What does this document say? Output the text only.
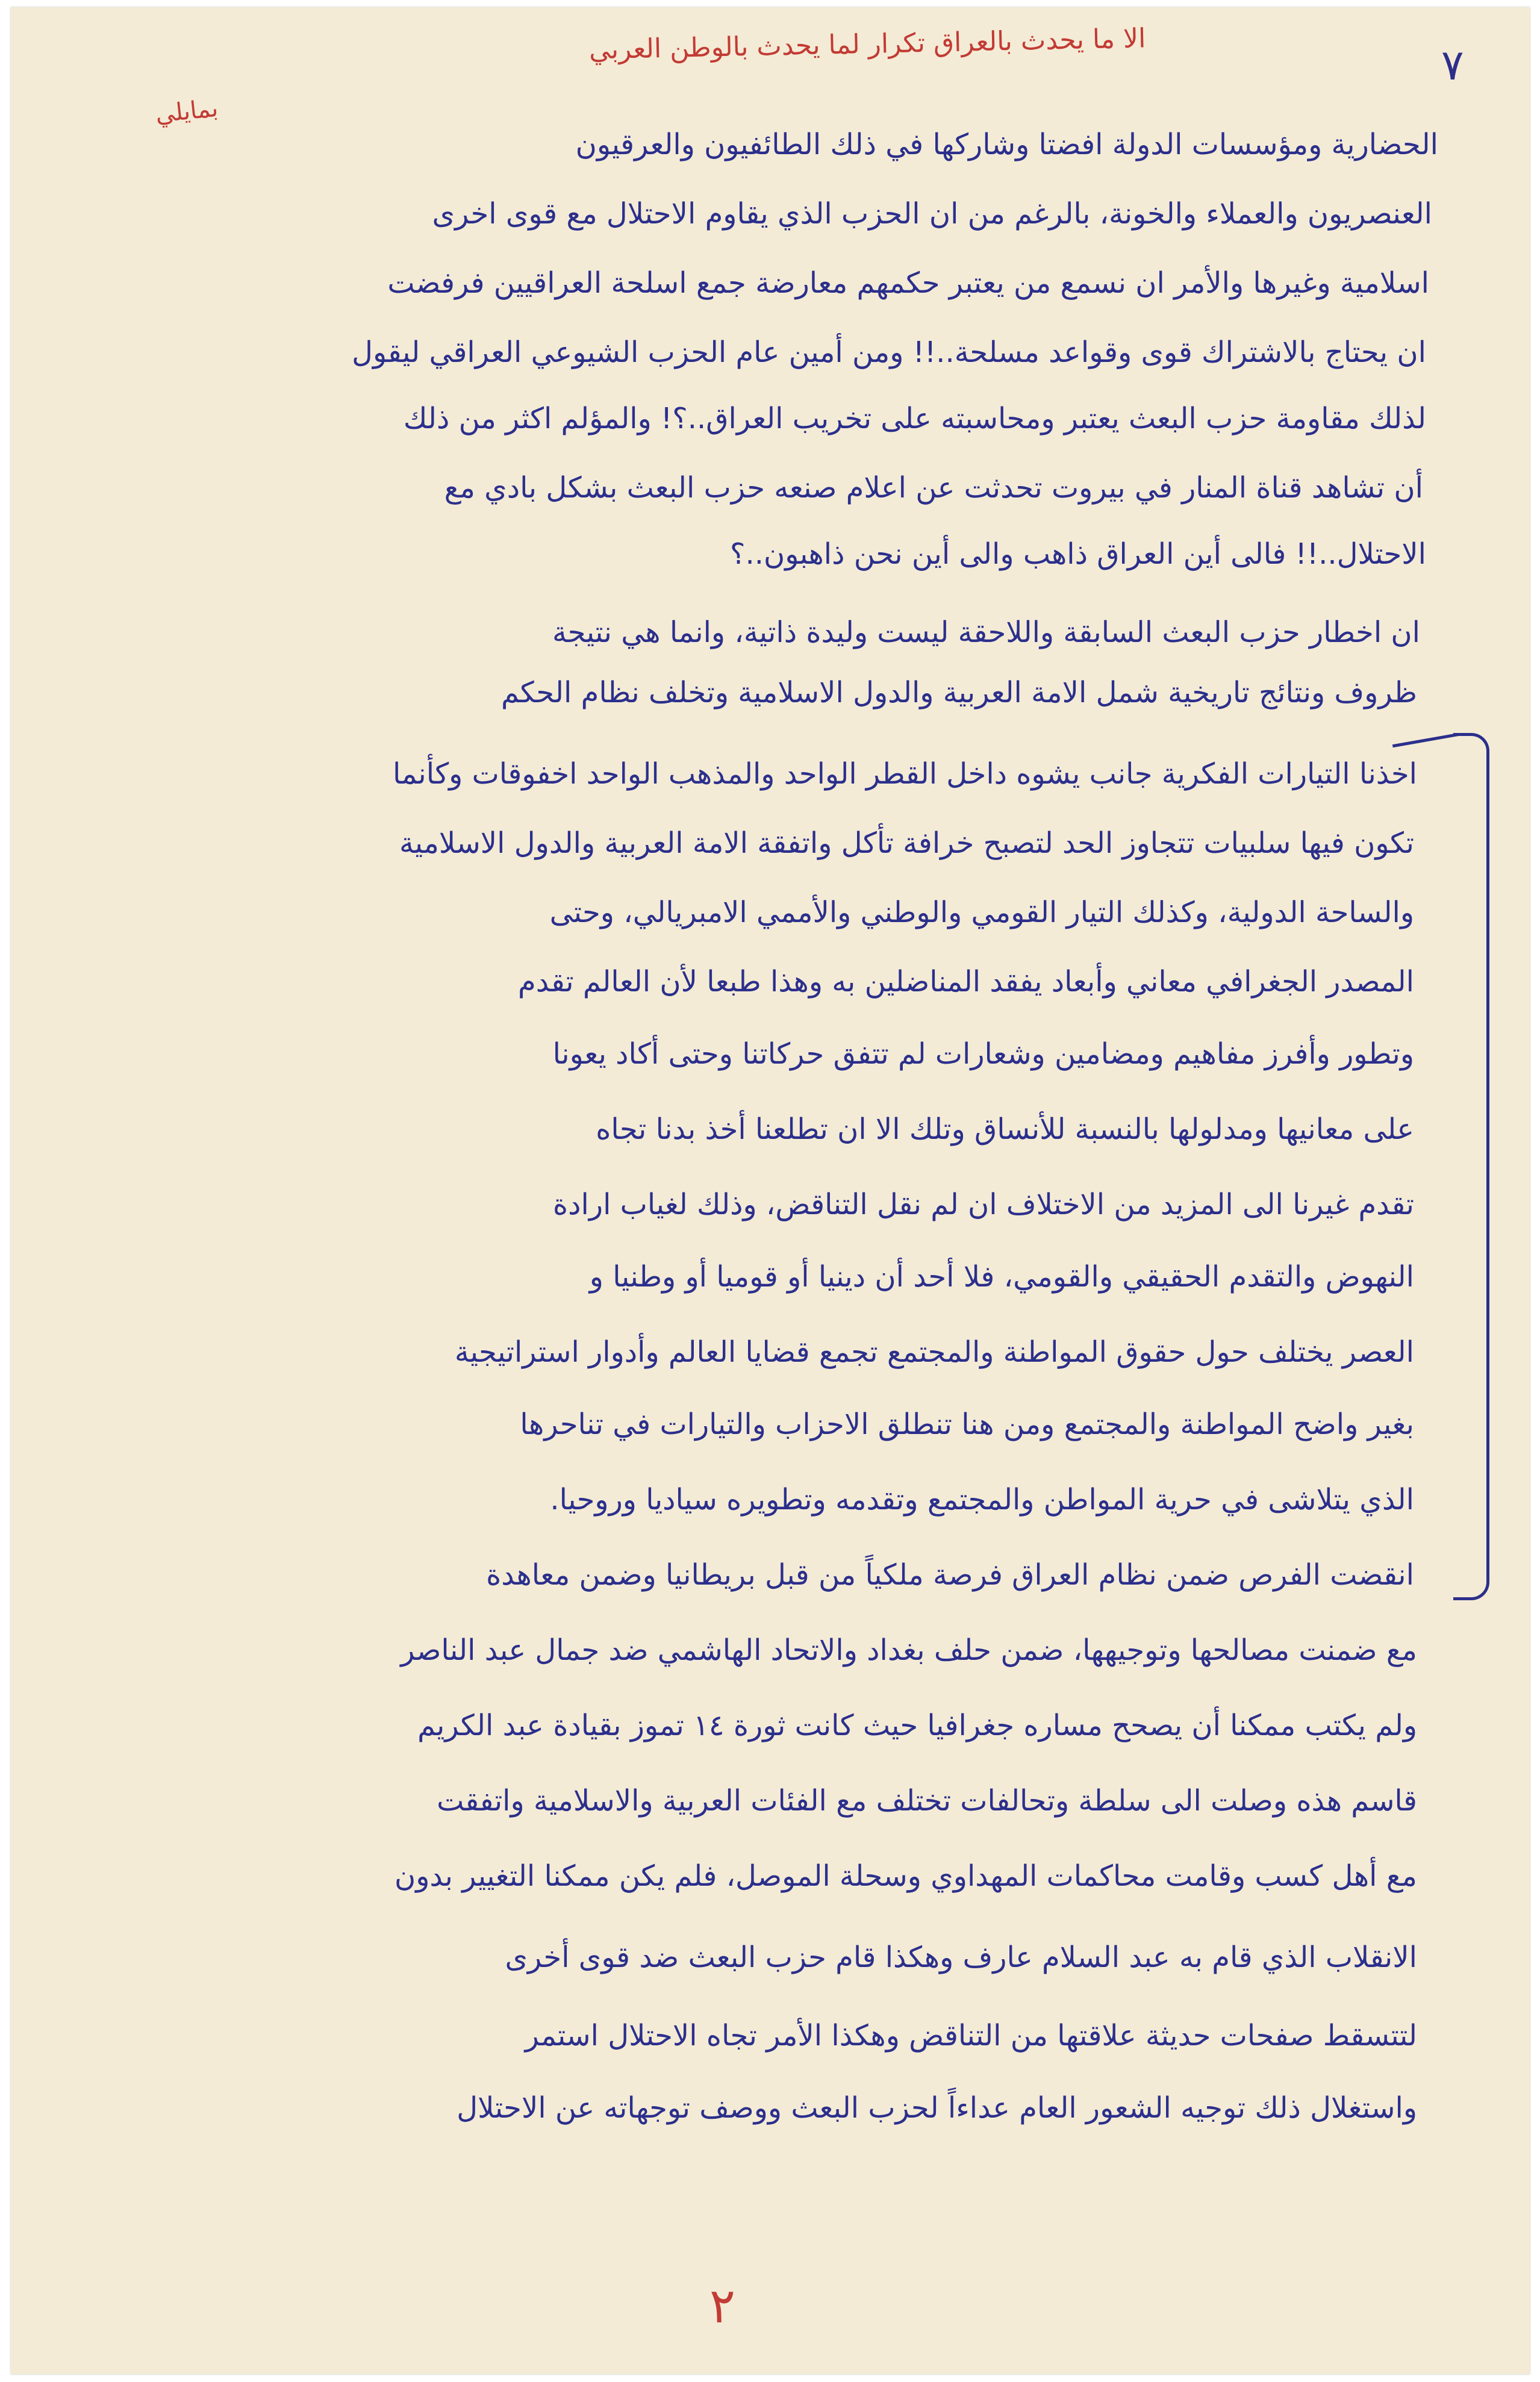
الا ما يحدث بالعراق تكرار لما يحدث بالوطن العربي
بمايلي
٧
الحضارية ومؤسسات الدولة افضتا وشاركها في ذلك الطائفيون والعرقيون
العنصريون والعملاء والخونة، بالرغم من ان الحزب الذي يقاوم الاحتلال مع قوى اخرى
اسلامية وغيرها والأمر ان نسمع من يعتبر حكمهم معارضة جمع اسلحة العراقيين فرفضت
ان يحتاج بالاشتراك قوى وقواعد مسلحة..!! ومن أمين عام الحزب الشيوعي العراقي ليقول
لذلك مقاومة حزب البعث يعتبر ومحاسبته على تخريب العراق..؟! والمؤلم اكثر من ذلك
أن تشاهد قناة المنار في بيروت تحدثت عن اعلام صنعه حزب البعث بشكل بادي مع
الاحتلال..!! فالى أين العراق ذاهب والى أين نحن ذاهبون..؟
ان اخطار حزب البعث السابقة واللاحقة ليست وليدة ذاتية، وانما هي نتيجة
ظروف ونتائج تاريخية شمل الامة العربية والدول الاسلامية وتخلف نظام الحكم
اخذنا التيارات الفكرية جانب يشوه داخل القطر الواحد والمذهب الواحد اخفوقات وكأنما
تكون فيها سلبيات تتجاوز الحد لتصبح خرافة تأكل واتفقة الامة العربية والدول الاسلامية
والساحة الدولية، وكذلك التيار القومي والوطني والأممي الامبريالي، وحتى
المصدر الجغرافي معاني وأبعاد يفقد المناضلين به وهذا طبعا لأن العالم تقدم
وتطور وأفرز مفاهيم ومضامين وشعارات لم تتفق حركاتنا وحتى أكاد يعونا
على معانيها ومدلولها بالنسبة للأنساق وتلك الا ان تطلعنا أخذ بدنا تجاه
تقدم غيرنا الى المزيد من الاختلاف ان لم نقل التناقض، وذلك لغياب ارادة
النهوض والتقدم الحقيقي والقومي، فلا أحد أن دينيا أو قوميا أو وطنيا و
العصر يختلف حول حقوق المواطنة والمجتمع تجمع قضايا العالم وأدوار استراتيجية
بغير واضح المواطنة والمجتمع ومن هنا تنطلق الاحزاب والتيارات في تناحرها
الذي يتلاشى في حرية المواطن والمجتمع وتقدمه وتطويره سياديا وروحيا.
انقضت الفرص ضمن نظام العراق فرصة ملكياً من قبل بريطانيا وضمن معاهدة
مع ضمنت مصالحها وتوجيهها، ضمن حلف بغداد والاتحاد الهاشمي ضد جمال عبد الناصر
ولم يكتب ممكنا أن يصحح مساره جغرافيا حيث كانت ثورة ١٤ تموز بقيادة عبد الكريم
قاسم هذه وصلت الى سلطة وتحالفات تختلف مع الفئات العربية والاسلامية واتفقت
مع أهل كسب وقامت محاكمات المهداوي وسحلة الموصل، فلم يكن ممكنا التغيير بدون
الانقلاب الذي قام به عبد السلام عارف وهكذا قام حزب البعث ضد قوى أخرى
لتتسقط صفحات حديثة علاقتها من التناقض وهكذا الأمر تجاه الاحتلال استمر
واستغلال ذلك توجيه الشعور العام عداءاً لحزب البعث ووصف توجهاته عن الاحتلال
٢
